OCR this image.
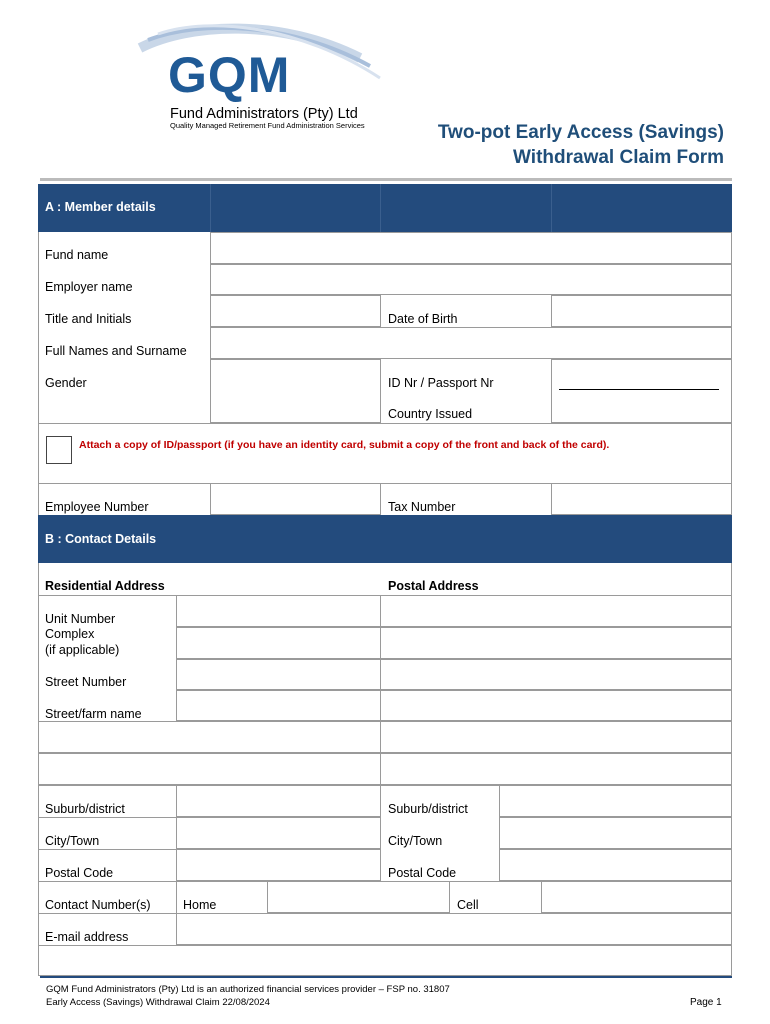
GQM
Fund Administrators (Pty) Ltd
Quality Managed Retirement Fund Administration Services	Two-pot Early Access (Savings)
Withdrawal Claim Form
A : Member details
Fund name
Employer name
Title and Initials	Date of Birth
Full Names and Surname
Gender	ID Nr / Passport Nr
Country Issued
Attach a copy of ID/passport (if you have an identity card, submit a copy of the front and back of the card).
Employee Number	Tax Number
B : Contact Details
Residential Address	Postal Address
Unit Number
Complex
(if applicable)
Street Number
Street/farm name
Suburb/district	Suburb/district
City/Town	City/Town
Postal Code	Postal Code
Contact Number(s)	Home	Cell
E-mail address
GQM Fund Administrators (Pty) Ltd is an authorized financial services provider – FSP no. 31807
Early Access (Savings) Withdrawal Claim 22/08/2024	Page 1
